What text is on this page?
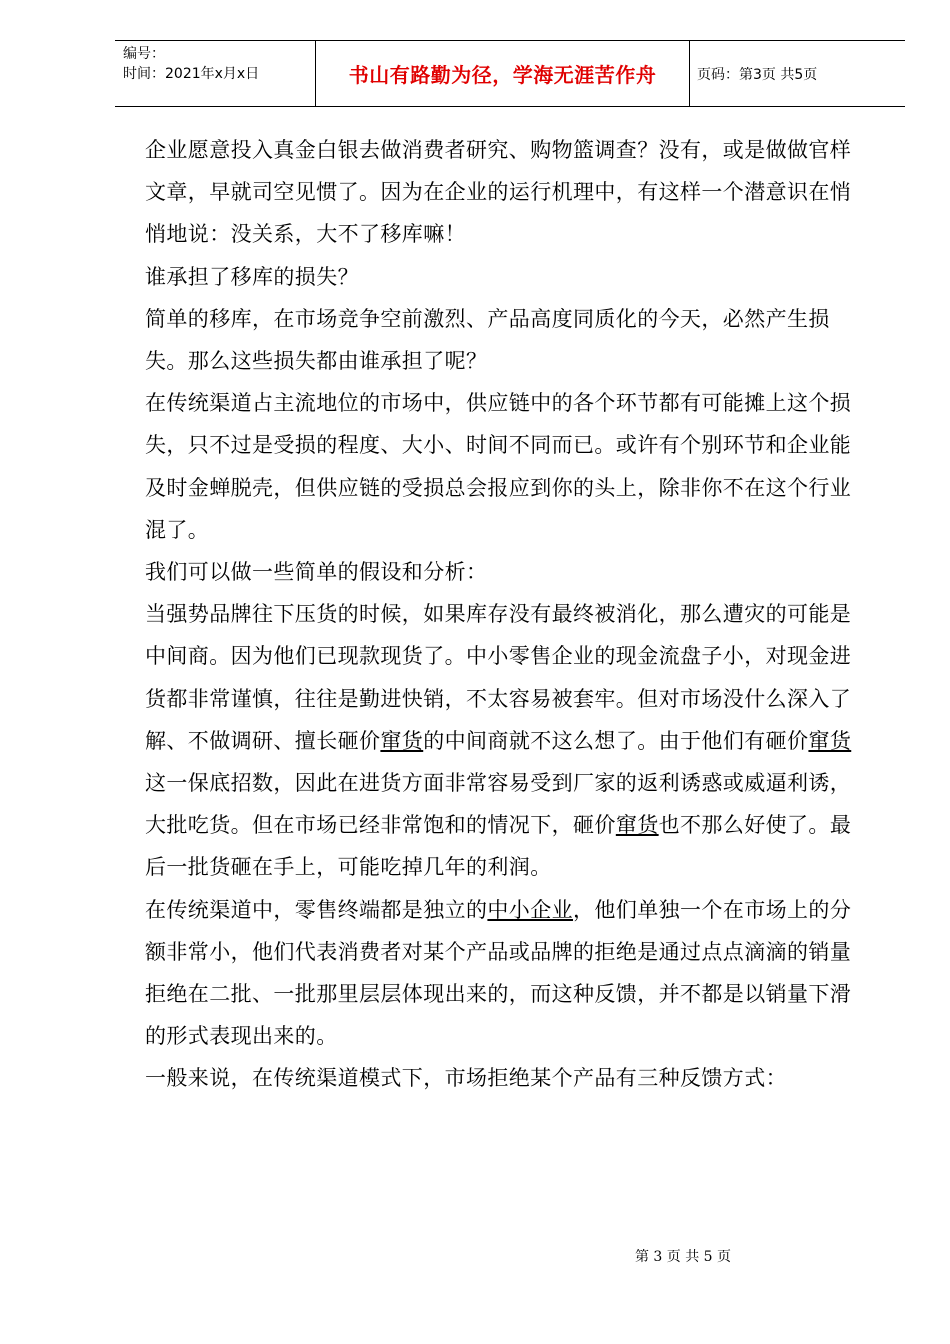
编号：
时间：2021年x月x日	书山有路勤为径，学海无涯苦作舟	页码：第3页 共5页

企业愿意投入真金白银去做消费者研究、购物篮调查？没有，或是做做官样文章，早就司空见惯了。因为在企业的运行机理中，有这样一个潜意识在悄悄地说：没关系，大不了移库嘛！

谁承担了移库的损失？

简单的移库，在市场竞争空前激烈、产品高度同质化的今天，必然产生损失。那么这些损失都由谁承担了呢？

在传统渠道占主流地位的市场中，供应链中的各个环节都有可能摊上这个损失，只不过是受损的程度、大小、时间不同而已。或许有个别环节和企业能及时金蝉脱壳，但供应链的受损总会报应到你的头上，除非你不在这个行业混了。

我们可以做一些简单的假设和分析：

当强势品牌往下压货的时候，如果库存没有最终被消化，那么遭灾的可能是中间商。因为他们已现款现货了。中小零售企业的现金流盘子小，对现金进货都非常谨慎，往往是勤进快销，不太容易被套牢。但对市场没什么深入了解、不做调研、擅长砸价窜货的中间商就不这么想了。由于他们有砸价窜货这一保底招数，因此在进货方面非常容易受到厂家的返利诱惑或威逼利诱，大批吃货。但在市场已经非常饱和的情况下，砸价窜货也不那么好使了。最后一批货砸在手上，可能吃掉几年的利润。

在传统渠道中，零售终端都是独立的中小企业，他们单独一个在市场上的分额非常小，他们代表消费者对某个产品或品牌的拒绝是通过点点滴滴的销量拒绝在二批、一批那里层层体现出来的，而这种反馈，并不都是以销量下滑的形式表现出来的。

一般来说，在传统渠道模式下，市场拒绝某个产品有三种反馈方式：

第 3 页 共 5 页
